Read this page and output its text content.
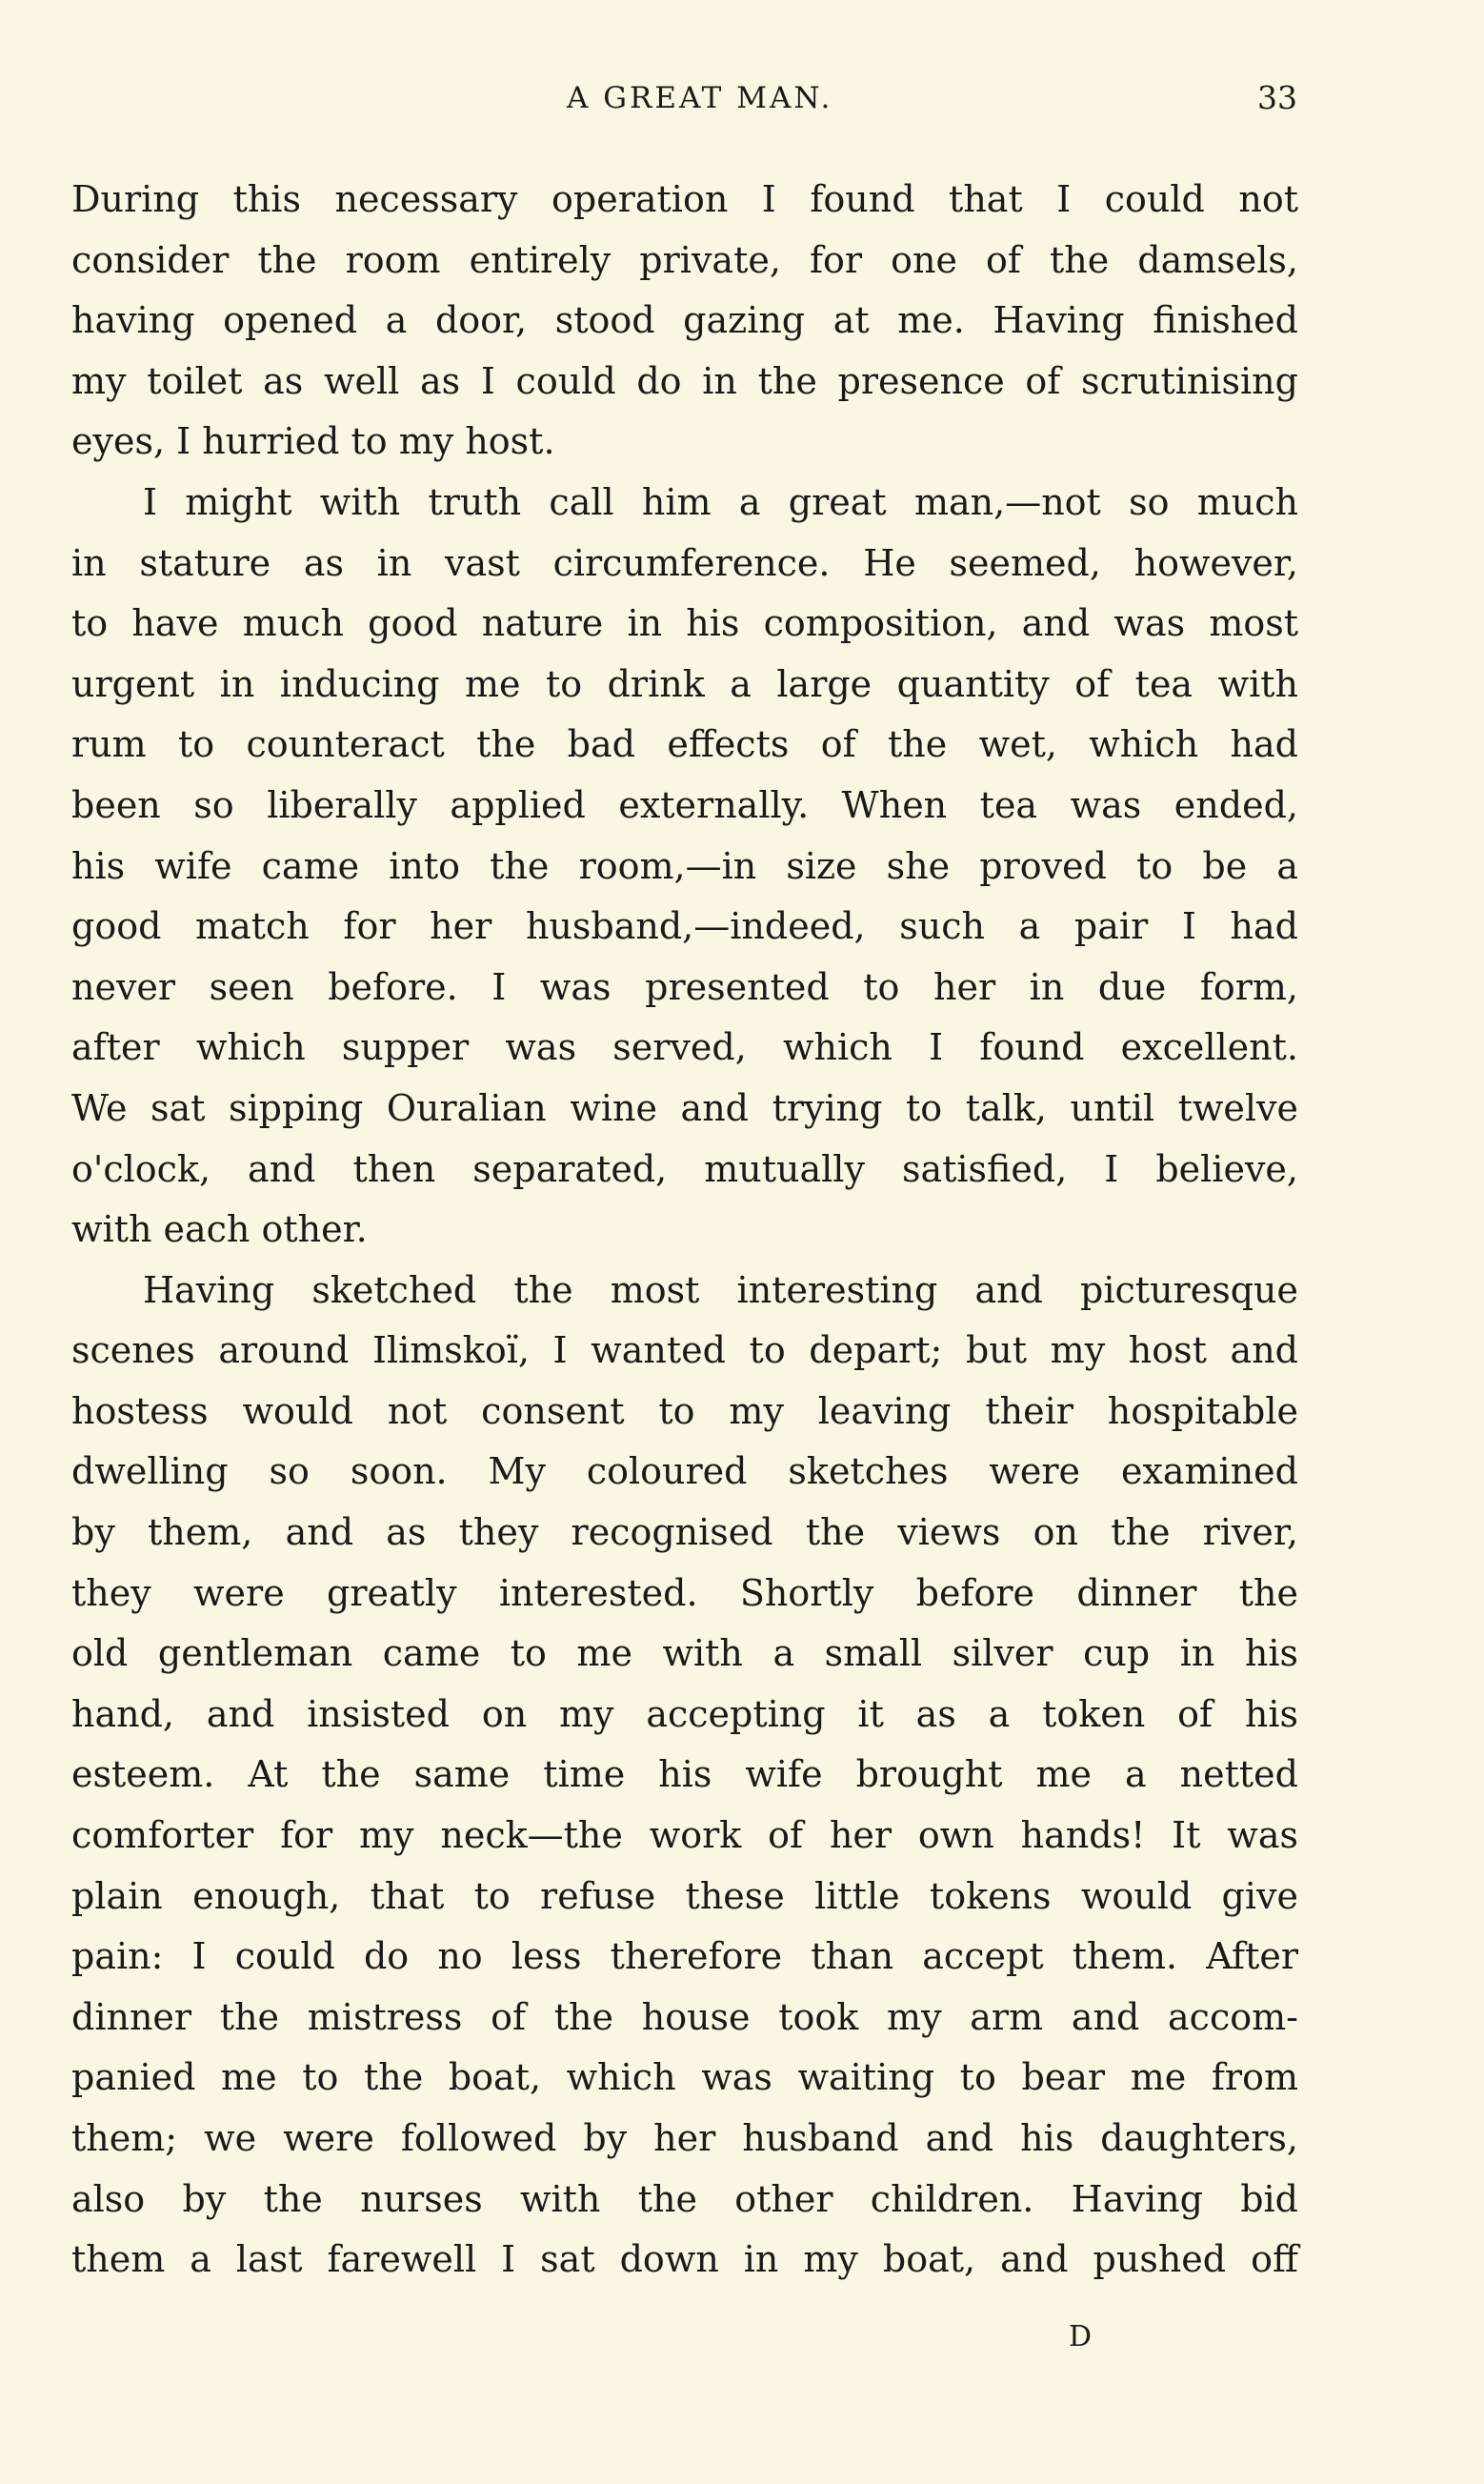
A GREAT MAN.	33
During this necessary operation I found that I could not
consider the room entirely private, for one of the damsels,
having opened a door, stood gazing at me. Having finished
my toilet as well as I could do in the presence of scrutinising
eyes, I hurried to my host.
I might with truth call him a great man,—not so much
in stature as in vast circumference. He seemed, however,
to have much good nature in his composition, and was most
urgent in inducing me to drink a large quantity of tea with
rum to counteract the bad effects of the wet, which had
been so liberally applied externally. When tea was ended,
his wife came into the room,—in size she proved to be a
good match for her husband,—indeed, such a pair I had
never seen before. I was presented to her in due form,
after which supper was served, which I found excellent.
We sat sipping Ouralian wine and trying to talk, until twelve
o'clock, and then separated, mutually satisfied, I believe,
with each other.
Having sketched the most interesting and picturesque
scenes around Ilimskoï, I wanted to depart; but my host and
hostess would not consent to my leaving their hospitable
dwelling so soon. My coloured sketches were examined
by them, and as they recognised the views on the river,
they were greatly interested. Shortly before dinner the
old gentleman came to me with a small silver cup in his
hand, and insisted on my accepting it as a token of his
esteem. At the same time his wife brought me a netted
comforter for my neck—the work of her own hands! It was
plain enough, that to refuse these little tokens would give
pain: I could do no less therefore than accept them. After
dinner the mistress of the house took my arm and accom-
panied me to the boat, which was waiting to bear me from
them; we were followed by her husband and his daughters,
also by the nurses with the other children. Having bid
them a last farewell I sat down in my boat, and pushed off
D
